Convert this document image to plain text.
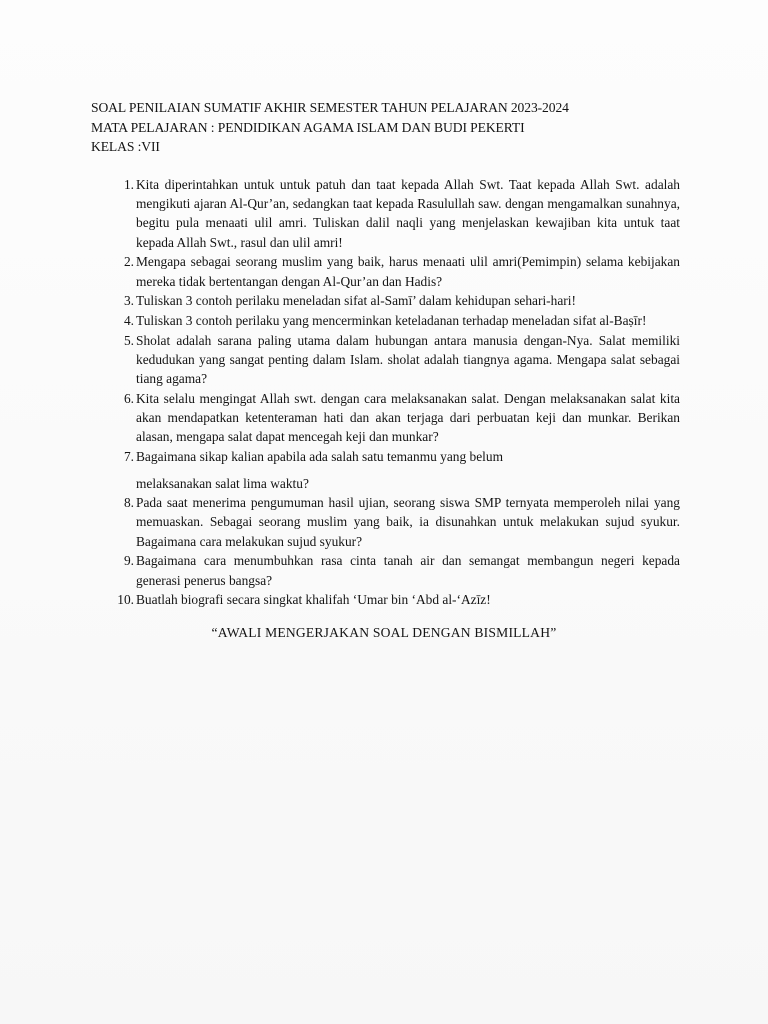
SOAL PENILAIAN SUMATIF AKHIR SEMESTER TAHUN PELAJARAN 2023-2024
MATA PELAJARAN : PENDIDIKAN AGAMA ISLAM DAN BUDI PEKERTI
KELAS :VII
1. Kita diperintahkan untuk untuk patuh dan taat kepada Allah Swt. Taat kepada Allah Swt. adalah mengikuti ajaran Al-Qur’an, sedangkan taat kepada Rasulullah saw. dengan mengamalkan sunahnya, begitu pula menaati ulil amri. Tuliskan dalil naqli yang menjelaskan kewajiban kita untuk taat kepada Allah Swt., rasul dan ulil amri!
2. Mengapa sebagai seorang muslim yang baik, harus menaati ulil amri(Pemimpin) selama kebijakan mereka tidak bertentangan dengan Al-Qur’an dan Hadis?
3. Tuliskan 3 contoh perilaku meneladan sifat al-Samī’ dalam kehidupan sehari-hari!
4. Tuliskan 3 contoh perilaku yang mencerminkan keteladanan terhadap meneladan sifat al-Baṣīr!
5. Sholat adalah sarana paling utama dalam hubungan antara manusia dengan-Nya. Salat memiliki kedudukan yang sangat penting dalam Islam. sholat adalah tiangnya agama. Mengapa salat sebagai tiang agama?
6. Kita selalu mengingat Allah swt. dengan cara melaksanakan salat. Dengan melaksanakan salat kita akan mendapatkan ketenteraman hati dan akan terjaga dari perbuatan keji dan munkar. Berikan alasan, mengapa salat dapat mencegah keji dan munkar?
7. Bagaimana sikap kalian apabila ada salah satu temanmu yang belum
melaksanakan salat lima waktu?
8. Pada saat menerima pengumuman hasil ujian, seorang siswa SMP ternyata memperoleh nilai yang memuaskan. Sebagai seorang muslim yang baik, ia disunahkan untuk melakukan sujud syukur. Bagaimana cara melakukan sujud syukur?
9. Bagaimana cara menumbuhkan rasa cinta tanah air dan semangat membangun negeri kepada generasi penerus bangsa?
10. Buatlah biografi secara singkat khalifah ‘Umar bin ‘Abd al-‘Azīz!
“AWALI MENGERJAKAN SOAL DENGAN BISMILLAH”
